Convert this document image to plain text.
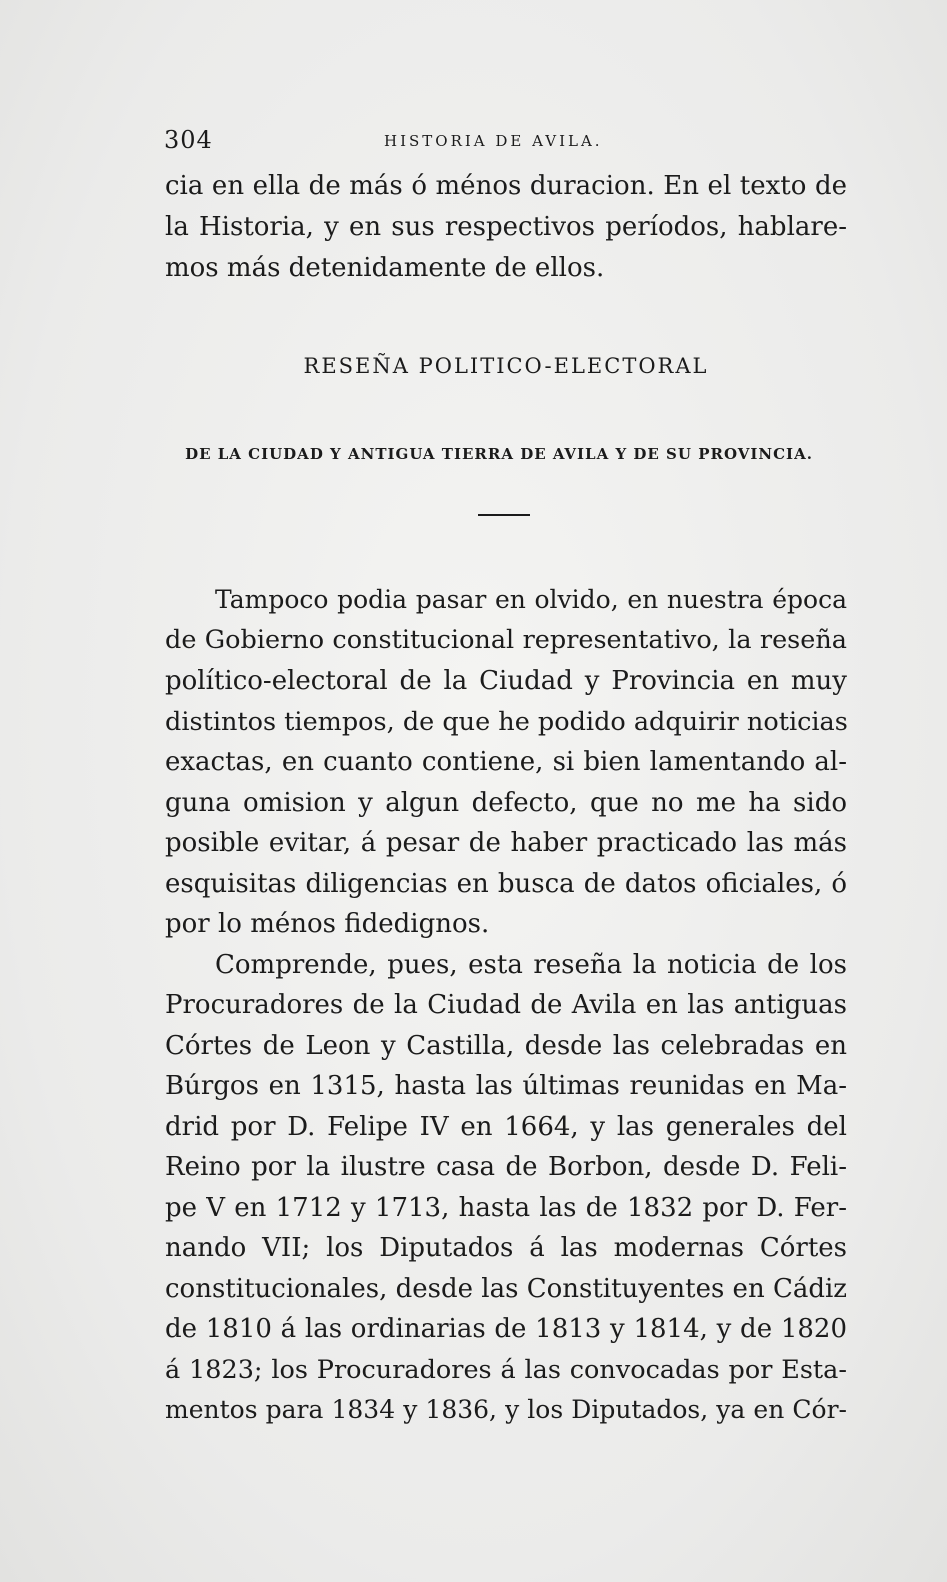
304	HISTORIA DE AVILA.
cia en ella de más ó ménos duracion. En el texto de
la Historia, y en sus respectivos períodos, hablare-
mos más detenidamente de ellos.
RESEÑA POLITICO-ELECTORAL
DE LA CIUDAD Y ANTIGUA TIERRA DE AVILA Y DE SU PROVINCIA.
Tampoco podia pasar en olvido, en nuestra época
de Gobierno constitucional representativo, la reseña
político-electoral de la Ciudad y Provincia en muy
distintos tiempos, de que he podido adquirir noticias
exactas, en cuanto contiene, si bien lamentando al-
guna omision y algun defecto, que no me ha sido
posible evitar, á pesar de haber practicado las más
esquisitas diligencias en busca de datos oficiales, ó
por lo ménos fidedignos.
Comprende, pues, esta reseña la noticia de los
Procuradores de la Ciudad de Avila en las antiguas
Córtes de Leon y Castilla, desde las celebradas en
Búrgos en 1315, hasta las últimas reunidas en Ma-
drid por D. Felipe IV en 1664, y las generales del
Reino por la ilustre casa de Borbon, desde D. Feli-
pe V en 1712 y 1713, hasta las de 1832 por D. Fer-
nando VII; los Diputados á las modernas Córtes
constitucionales, desde las Constituyentes en Cádiz
de 1810 á las ordinarias de 1813 y 1814, y de 1820
á 1823; los Procuradores á las convocadas por Esta-
mentos para 1834 y 1836, y los Diputados, ya en Cór-
